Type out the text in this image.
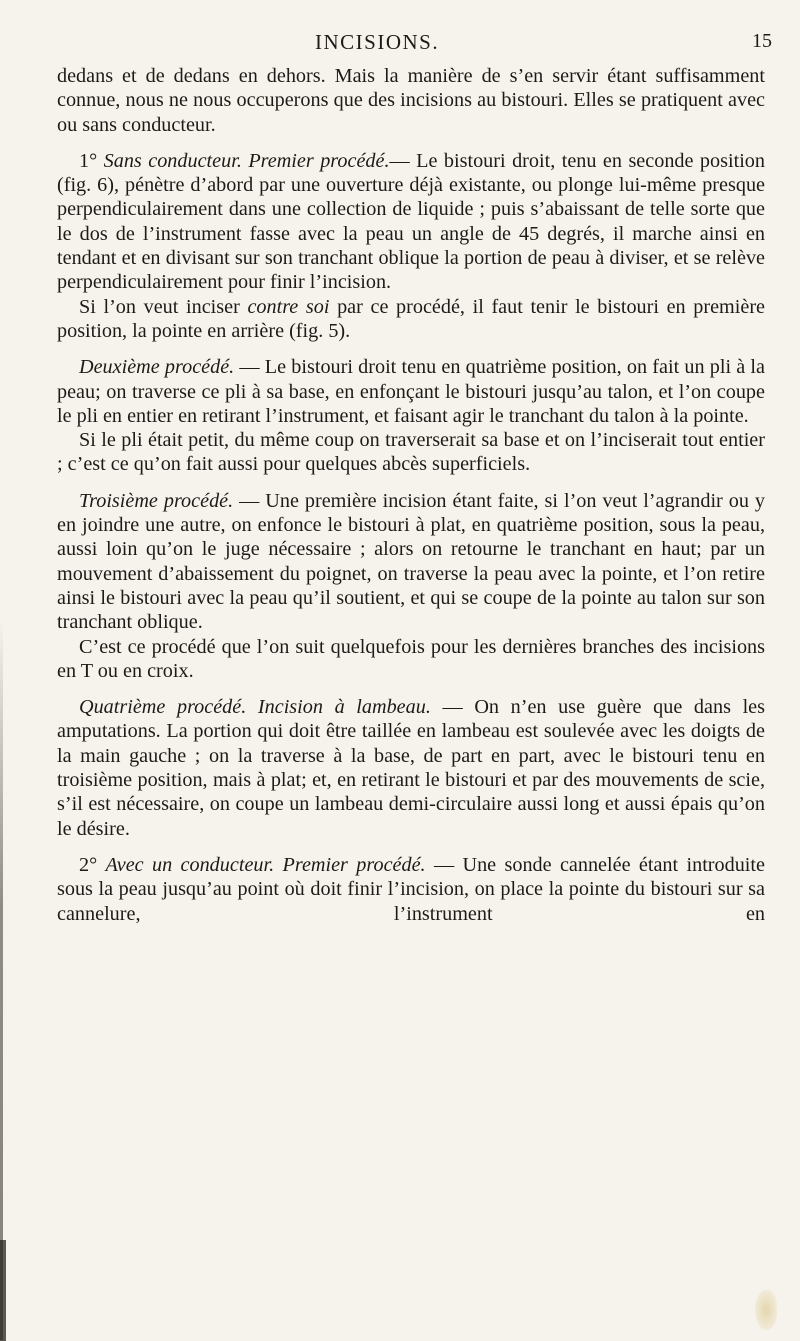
INCISIONS.	15

dedans et de dedans en dehors. Mais la manière de s’en servir étant suffisamment connue, nous ne nous occuperons que des incisions au bistouri. Elles se pratiquent avec ou sans conducteur.

1° Sans conducteur. Premier procédé.— Le bistouri droit, tenu en seconde position (fig. 6), pénètre d’abord par une ouverture déjà existante, ou plonge lui-même presque perpendiculairement dans une collection de liquide ; puis s’abaissant de telle sorte que le dos de l’instrument fasse avec la peau un angle de 45 degrés, il marche ainsi en tendant et en divisant sur son tranchant oblique la portion de peau à diviser, et se relève perpendiculairement pour finir l’incision.

Si l’on veut inciser contre soi par ce procédé, il faut tenir le bistouri en première position, la pointe en arrière (fig. 5).

Deuxième procédé. — Le bistouri droit tenu en quatrième position, on fait un pli à la peau; on traverse ce pli à sa base, en enfonçant le bistouri jusqu’au talon, et l’on coupe le pli en entier en retirant l’instrument, et faisant agir le tranchant du talon à la pointe.

Si le pli était petit, du même coup on traverserait sa base et on l’inciserait tout entier ; c’est ce qu’on fait aussi pour quelques abcès superficiels.

Troisième procédé. — Une première incision étant faite, si l’on veut l’agrandir ou y en joindre une autre, on enfonce le bistouri à plat, en quatrième position, sous la peau, aussi loin qu’on le juge nécessaire ; alors on retourne le tranchant en haut; par un mouvement d’abaissement du poignet, on traverse la peau avec la pointe, et l’on retire ainsi le bistouri avec la peau qu’il soutient, et qui se coupe de la pointe au talon sur son tranchant oblique.

C’est ce procédé que l’on suit quelquefois pour les dernières branches des incisions en T ou en croix.

Quatrième procédé. Incision à lambeau. — On n’en use guère que dans les amputations. La portion qui doit être taillée en lambeau est soulevée avec les doigts de la main gauche ; on la traverse à la base, de part en part, avec le bistouri tenu en troisième position, mais à plat; et, en retirant le bistouri et par des mouvements de scie, s’il est nécessaire, on coupe un lambeau demi-circulaire aussi long et aussi épais qu’on le désire.

2° Avec un conducteur. Premier procédé. — Une sonde cannelée étant introduite sous la peau jusqu’au point où doit finir l’incision, on place la pointe du bistouri sur sa cannelure, l’instrument en
